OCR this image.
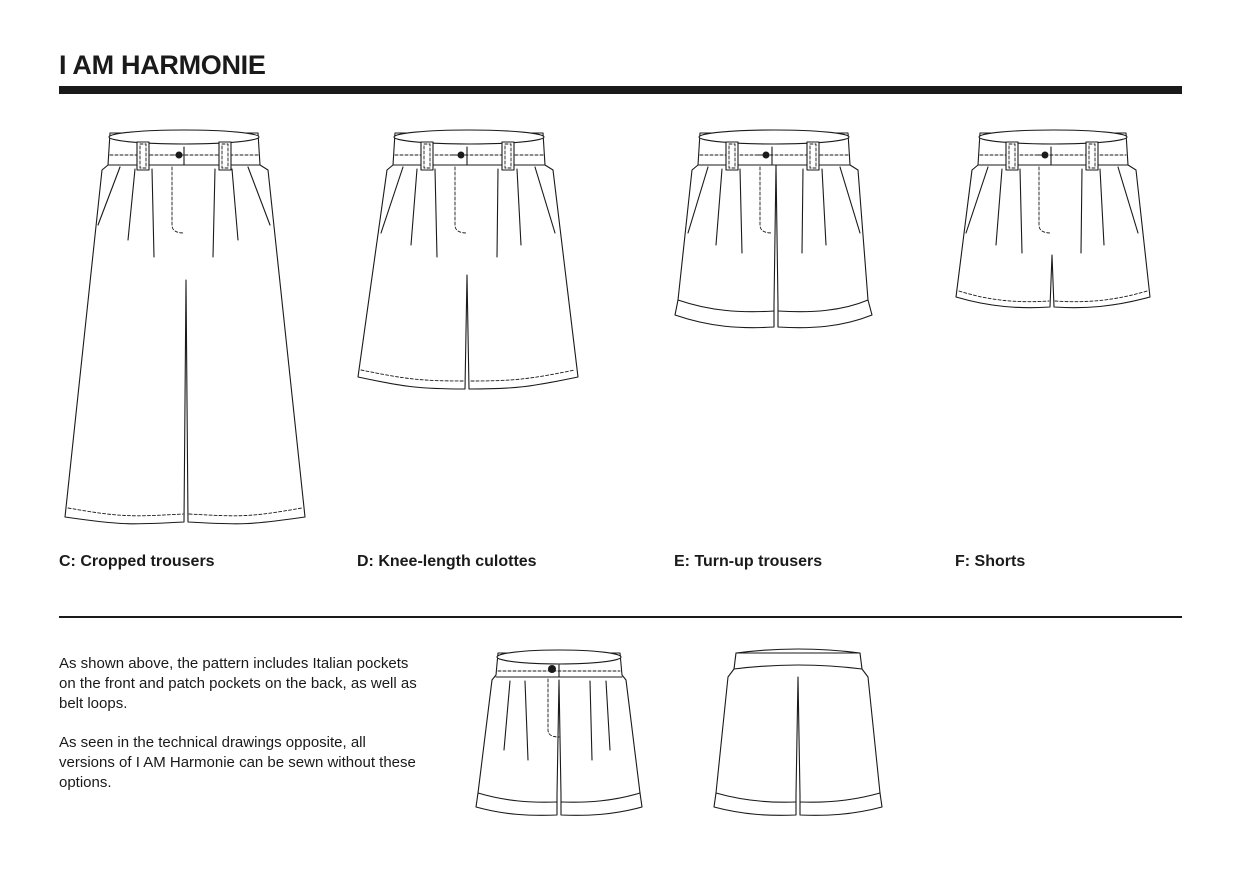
I AM HARMONIE

C: Cropped trousers	D: Knee-length culottes	E: Turn-up trousers	F: Shorts

As shown above, the pattern includes Italian pockets on the front and patch pockets on the back, as well as belt loops.

As seen in the technical drawings opposite, all versions of I AM Harmonie can be sewn without these options.
